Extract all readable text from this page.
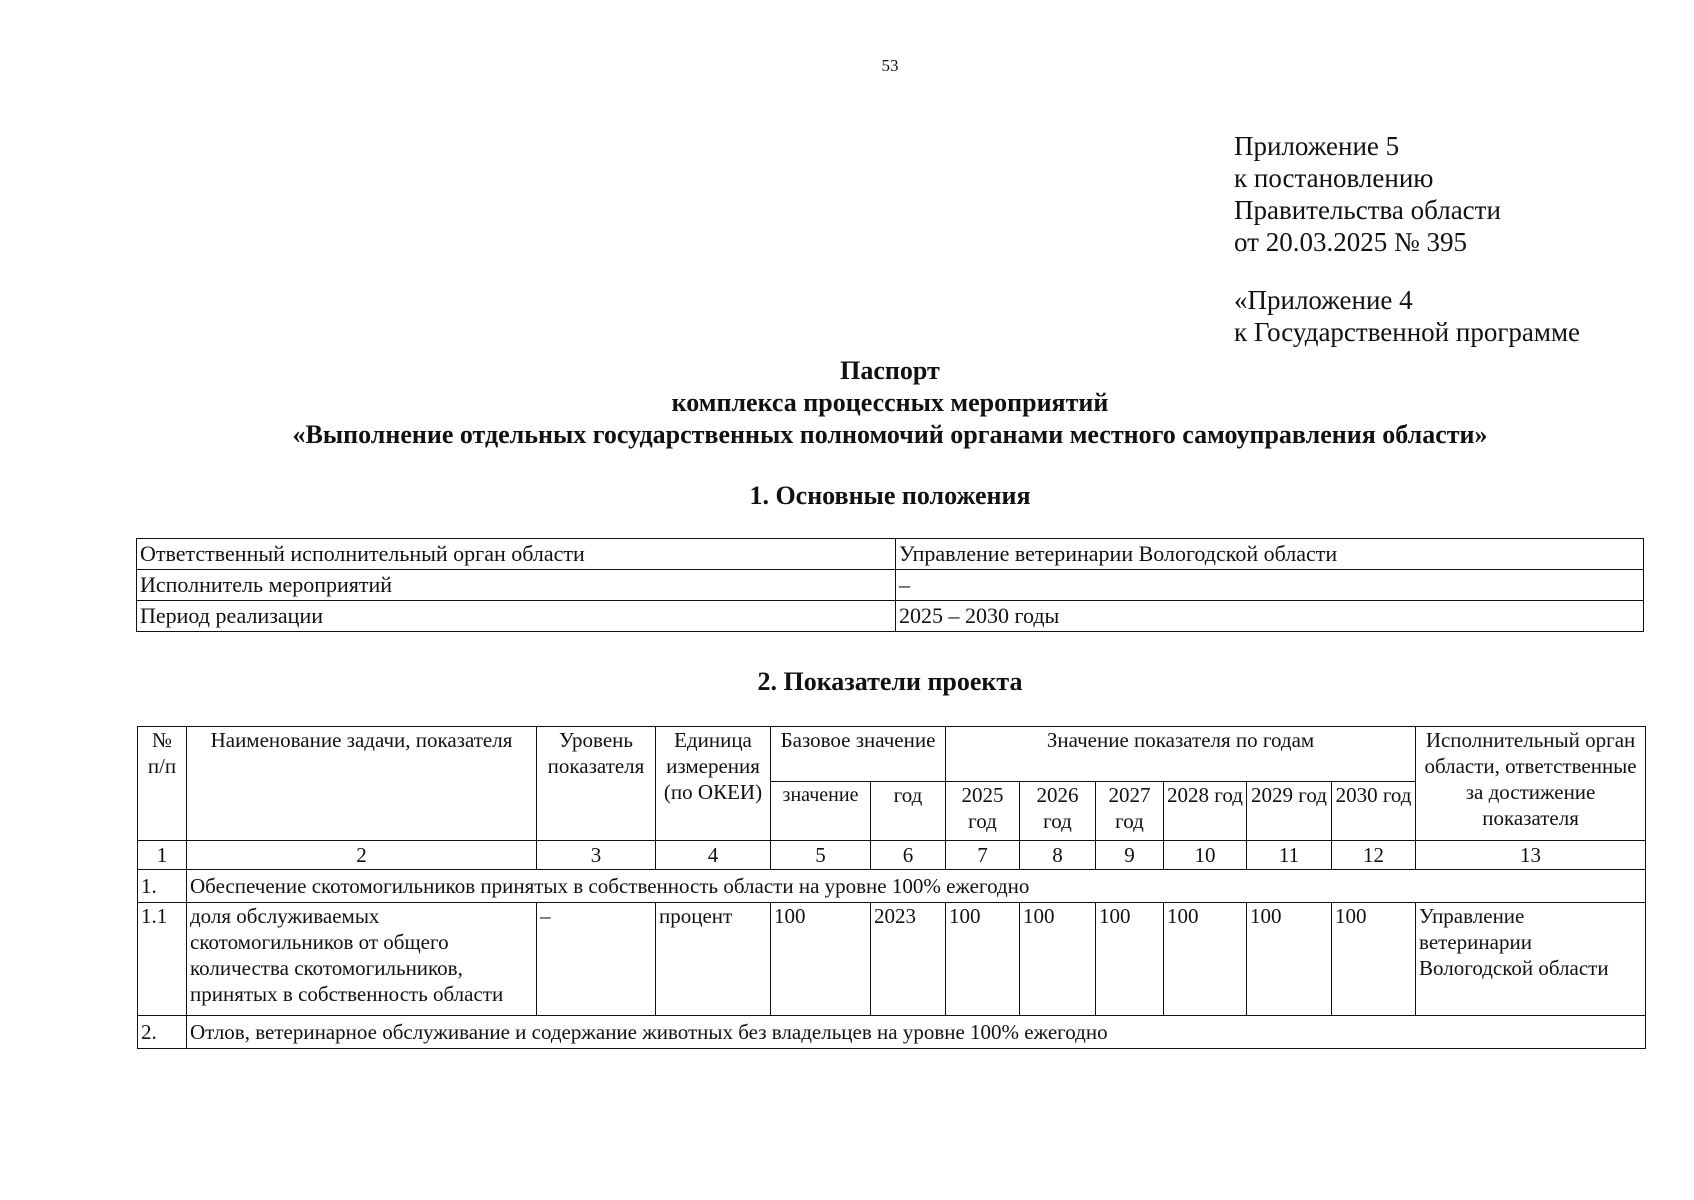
53
Приложение 5
к постановлению
Правительства области
от 20.03.2025 № 395
«Приложение 4
к Государственной программе
Паспорт
комплекса процессных мероприятий
«Выполнение отдельных государственных полномочий органами местного самоуправления области»
1. Основные положения
Ответственный исполнительный орган области	Управление ветеринарии Вологодской области
Исполнитель мероприятий	–
Период реализации	2025 – 2030 годы
2. Показатели проекта
№ п/п	Наименование задачи, показателя	Уровень показателя	Единица измерения (по ОКЕИ)	Базовое значение		Значение показателя по годам						Исполнительный орган области, ответственные за достижение показателя
				значение	год	2025 год	2026 год	2027 год	2028 год	2029 год	2030 год	
1	2	3	4	5	6	7	8	9	10	11	12	13
1.	Обеспечение скотомогильников принятых в собственность области на уровне 100% ежегодно											
1.1	доля обслуживаемых скотомогильников от общего количества скотомогильников, принятых в собственность области	–	процент	100	2023	100	100	100	100	100	100	Управление ветеринарии Вологодской области
2.	Отлов, ветеринарное обслуживание и содержание животных без владельцев на уровне 100% ежегодно											
